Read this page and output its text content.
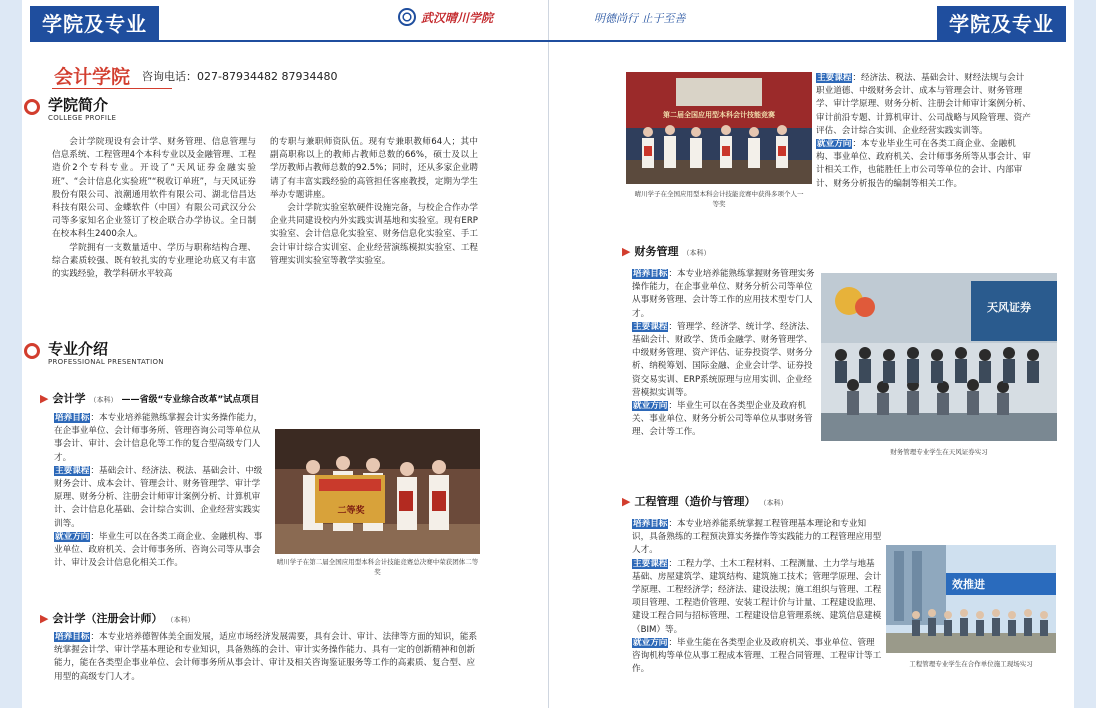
学院及专业	武汉晴川学院
会计学院 咨询电话：027-87934482 87934480
学院简介
COLLEGE PROFILE

会计学院现设有会计学、财务管理、信息管理与信息系统、工程管理4个本科专业以及金融管理、工程造价2个专科专业。开设了“天风证券金融实验班”、“会计信息化实验班”“税收订单班”，与天风证券股份有限公司、浪潮通用软件有限公司、湖北信昌达科技有限公司、金蝶软件（中国）有限公司武汉分公司等多家知名企业签订了校企联合办学协议。全日制在校本科生2400余人。

学院拥有一支数量适中、学历与职称结构合理、综合素质较强、既有较扎实的专业理论功底又有丰富的实践经验，教学科研水平较高

的专职与兼职师资队伍。现有专兼职教师64人；其中副高职称以上的教师占教师总数的66%，硕士及以上学历教师占教师总数的92.5%；同时，还从多家企业聘请了有丰富实践经验的高管担任客座教授，定期为学生举办专题讲座。

会计学院实验室软硬件设施完备，与校企合作办学企业共同建设校内外实践实训基地和实验室。现有ERP实验室、会计信息化实验室、财务信息化实验室、手工会计审计综合实训室、企业经营演练模拟实验室、工程管理实训实验室等教学实验室。

专业介绍
PROFESSIONAL PRESENTATION
▶ 会计学 （本科） ——省级“专业综合改革”试点项目
培养目标：本专业培养能熟练掌握会计实务操作能力，在企事业单位、会计师事务所、管理咨询公司等单位从事会计、审计、会计信息化等工作的复合型高级专门人才。
主要课程：基础会计、经济法、税法、基础会计、中级财务会计、成本会计、管理会计、财务管理学、审计学原理、财务分析、注册会计师审计案例分析、计算机审计、会计信息化基础、会计综合实训、企业经营实践实训等。
就业方向：毕业生可以在各类工商企业、金融机构、事业单位、政府机关、会计师事务所、咨询公司等从事会计、审计及会计信息化相关工作。
二等奖
晴川学子在第二届全国应用型本科会计技能竞赛总决赛中荣获团体二等奖
▶ 会计学（注册会计师） （本科）
培养目标：本专业培养德智体美全面发展，适应市场经济发展需要，具有会计、审计、法律等方面的知识，能系统掌握会计学、审计学基本理论和专业知识，具备熟练的会计、审计实务操作能力、具有一定的创新精神和创新能力，能在各类型企事业单位、会计师事务所从事会计、审计及相关咨询鉴证服务等工作的高素质、复合型、应用型的高级专门人才。
明德尚行 止于至善	学院及专业
第二届全国应用型本科会计技能竞赛
晴川学子在全国应用型本科会计技能竞赛中获得多项个人一等奖
主要课程：经济法、税法、基础会计、财经法规与会计职业道德、中级财务会计、成本与管理会计、财务管理学、审计学原理、财务分析、注册会计师审计案例分析、审计前沿专题、计算机审计、公司战略与风险管理、资产评估、会计综合实训、企业经营实践实训等。
就业方向：本专业毕业生可在各类工商企业、金融机构、事业单位、政府机关、会计师事务所等从事会计、审计相关工作，也能胜任上市公司等单位的会计、内部审计、财务分析报告的编制等相关工作。
▶ 财务管理 （本科）
培养目标：本专业培养能熟练掌握财务管理实务操作能力，在企事业单位、财务分析公司等单位从事财务管理、会计等工作的应用技术型专门人才。
主要课程：管理学、经济学、统计学、经济法、基础会计、财政学、货币金融学、财务管理学、中级财务管理、资产评估、证券投资学、财务分析、纳税筹划、国际金融、企业会计学、证券投资交易实训、ERP系统原理与应用实训、企业经营模拟实训等。
就业方向：毕业生可以在各类型企业及政府机关、事业单位、财务分析公司等单位从事财务管理、会计等工作。
天风证券
财务管理专业学生在天风证券实习
▶ 工程管理（造价与管理） （本科）
培养目标：本专业培养能系统掌握工程管理基本理论和专业知识，具备熟练的工程预决算实务操作等实践能力的工程管理应用型人才。
主要课程：工程力学、土木工程材料、工程测量、土力学与地基基础、房屋建筑学、建筑结构、建筑施工技术；管理学原理、会计学原理、工程经济学；经济法、建设法规；施工组织与管理、工程项目管理、工程造价管理、安装工程计价与计量、工程建设监理、建设工程合同与招标管理、工程建设信息管理系统、建筑信息建模（BIM）等。
就业方向：毕业生能在各类型企业及政府机关、事业单位、管理咨询机构等单位从事工程成本管理、工程合同管理、工程审计等工作。
效推进
工程管理专业学生在合作单位施工现场实习
